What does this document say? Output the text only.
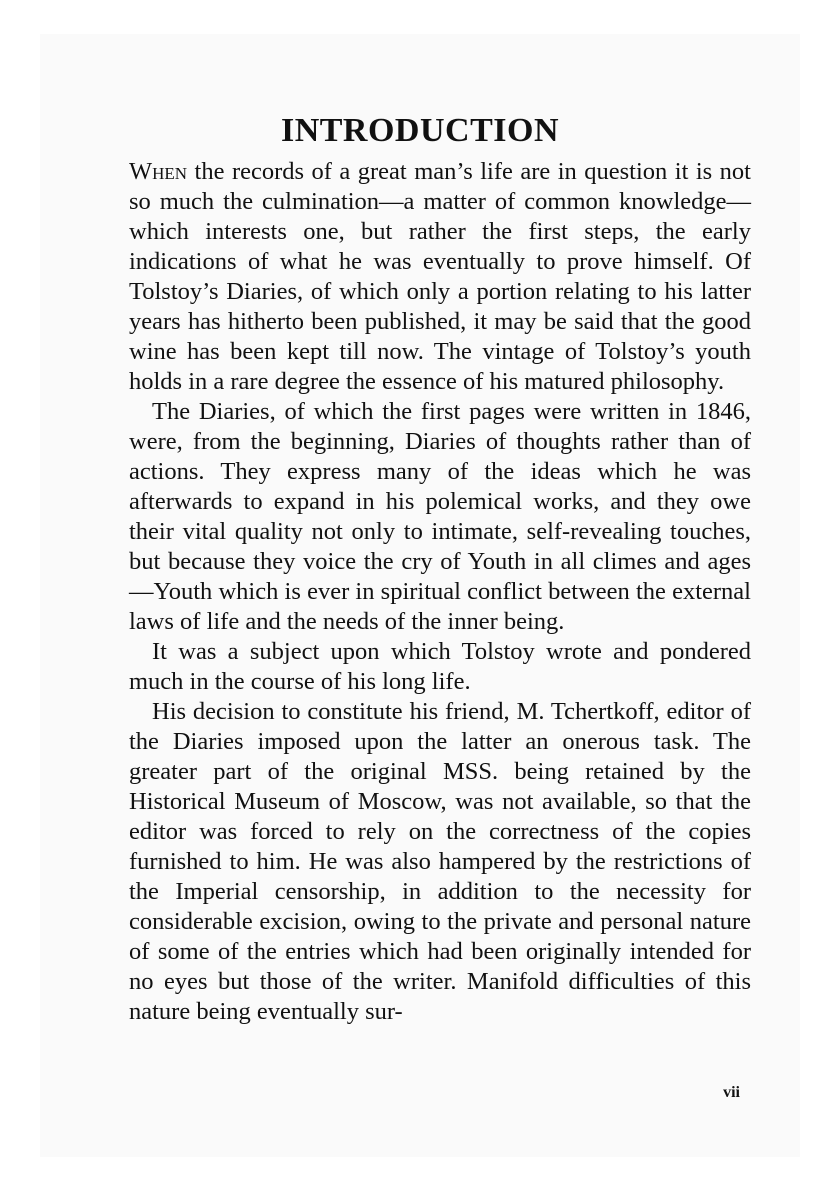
INTRODUCTION

When the records of a great man’s life are in question it is not so much the culmination—a matter of common knowledge—which interests one, but rather the first steps, the early indications of what he was eventually to prove himself. Of Tolstoy’s Diaries, of which only a portion relating to his latter years has hitherto been published, it may be said that the good wine has been kept till now. The vintage of Tolstoy’s youth holds in a rare degree the essence of his matured philosophy.

The Diaries, of which the first pages were written in 1846, were, from the beginning, Diaries of thoughts rather than of actions. They express many of the ideas which he was afterwards to expand in his polemical works, and they owe their vital quality not only to intimate, self-revealing touches, but because they voice the cry of Youth in all climes and ages—Youth which is ever in spiritual conflict between the external laws of life and the needs of the inner being.

It was a subject upon which Tolstoy wrote and pondered much in the course of his long life.

His decision to constitute his friend, M. Tchertkoff, editor of the Diaries imposed upon the latter an onerous task. The greater part of the original MSS. being retained by the Historical Museum of Moscow, was not available, so that the editor was forced to rely on the correctness of the copies furnished to him. He was also hampered by the restrictions of the Imperial censorship, in addition to the necessity for considerable excision, owing to the private and personal nature of some of the entries which had been originally intended for no eyes but those of the writer. Manifold difficulties of this nature being eventually sur-

vii
